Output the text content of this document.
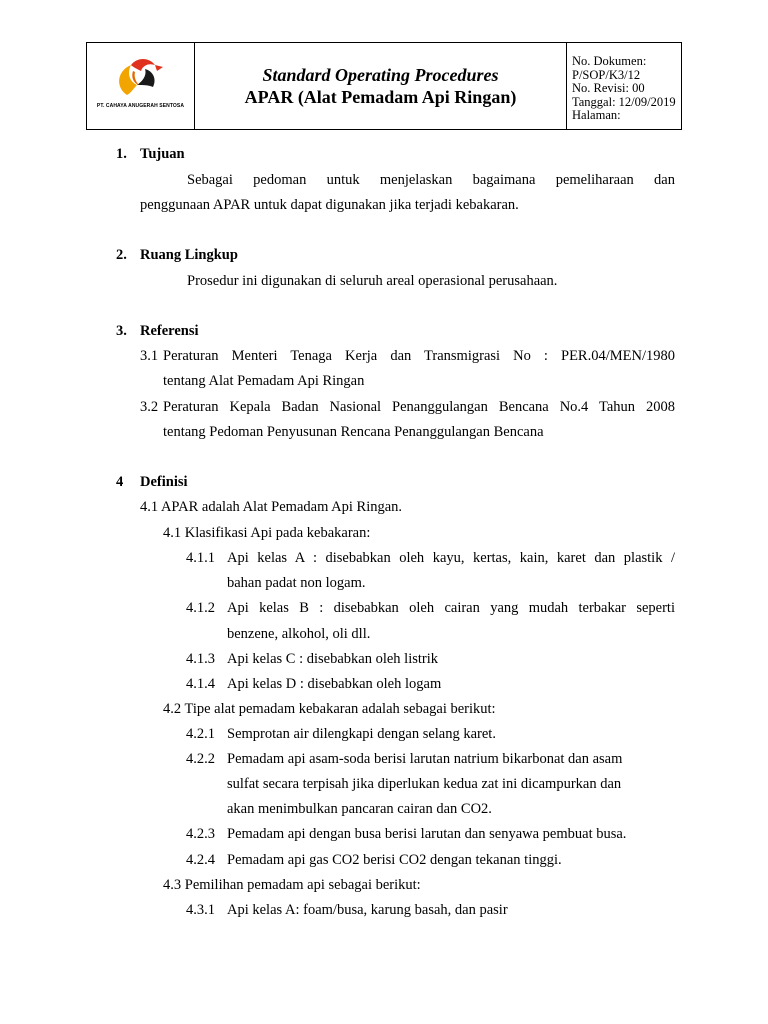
PT. CAHAYA ANUGERAH SENTOSA
Standard Operating Procedures
APAR (Alat Pemadam Api Ringan)
No. Dokumen: P/SOP/K3/12
No. Revisi: 00
Tanggal: 12/09/2019
Halaman:
1. Tujuan
Sebagai pedoman untuk menjelaskan bagaimana pemeliharaan dan
penggunaan APAR untuk dapat digunakan jika terjadi kebakaran.
2. Ruang Lingkup
Prosedur ini digunakan di seluruh areal operasional perusahaan.
3. Referensi
3.1 Peraturan Menteri Tenaga Kerja dan Transmigrasi No : PER.04/MEN/1980
tentang Alat Pemadam Api Ringan
3.2 Peraturan Kepala Badan Nasional Penanggulangan Bencana No.4 Tahun 2008
tentang Pedoman Penyusunan Rencana Penanggulangan Bencana
4 Definisi
4.1 APAR adalah Alat Pemadam Api Ringan.
4.1 Klasifikasi Api pada kebakaran:
4.1.1 Api kelas A : disebabkan oleh kayu, kertas, kain, karet dan plastik /
bahan padat non logam.
4.1.2 Api kelas B : disebabkan oleh cairan yang mudah terbakar seperti
benzene, alkohol, oli dll.
4.1.3 Api kelas C : disebabkan oleh listrik
4.1.4 Api kelas D : disebabkan oleh logam
4.2 Tipe alat pemadam kebakaran adalah sebagai berikut:
4.2.1 Semprotan air dilengkapi dengan selang karet.
4.2.2 Pemadam api asam-soda berisi larutan natrium bikarbonat dan asam
sulfat secara terpisah jika diperlukan kedua zat ini dicampurkan dan
akan menimbulkan pancaran cairan dan CO2.
4.2.3 Pemadam api dengan busa berisi larutan dan senyawa pembuat busa.
4.2.4 Pemadam api gas CO2 berisi CO2 dengan tekanan tinggi.
4.3 Pemilihan pemadam api sebagai berikut:
4.3.1 Api kelas A: foam/busa, karung basah, dan pasir
